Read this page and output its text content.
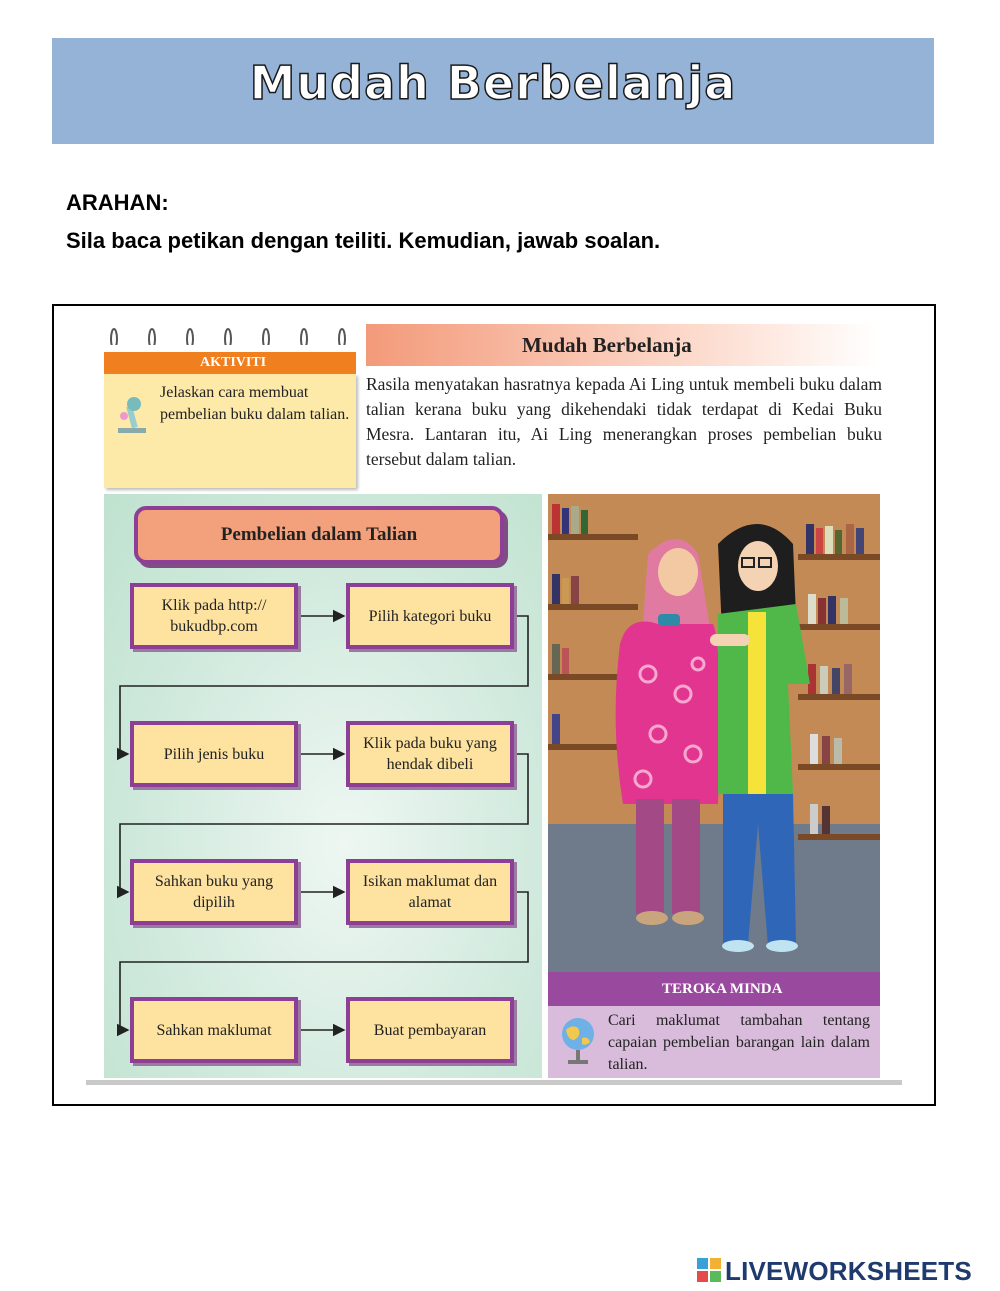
Mudah Berbelanja
ARAHAN:
Sila baca petikan dengan teiliti. Kemudian, jawab soalan.
AKTIVITI
Jelaskan cara membuat pembelian buku dalam talian.
Mudah Berbelanja
Rasila menyatakan hasratnya kepada Ai Ling untuk membeli buku dalam talian kerana buku yang dikehendaki tidak terdapat di Kedai Buku Mesra. Lantaran itu, Ai Ling menerangkan proses pembelian buku tersebut dalam talian.
Pembelian dalam Talian
Klik pada http:// bukudbp.com
Pilih kategori buku
Pilih jenis buku
Klik pada buku yang hendak dibeli
Sahkan buku yang dipilih
Isikan maklumat dan alamat
Sahkan maklumat	Buat pembayaran
TEROKA MINDA
Cari maklumat tambahan tentang capaian pembelian barangan lain dalam talian.
LIVEWORKSHEETS
